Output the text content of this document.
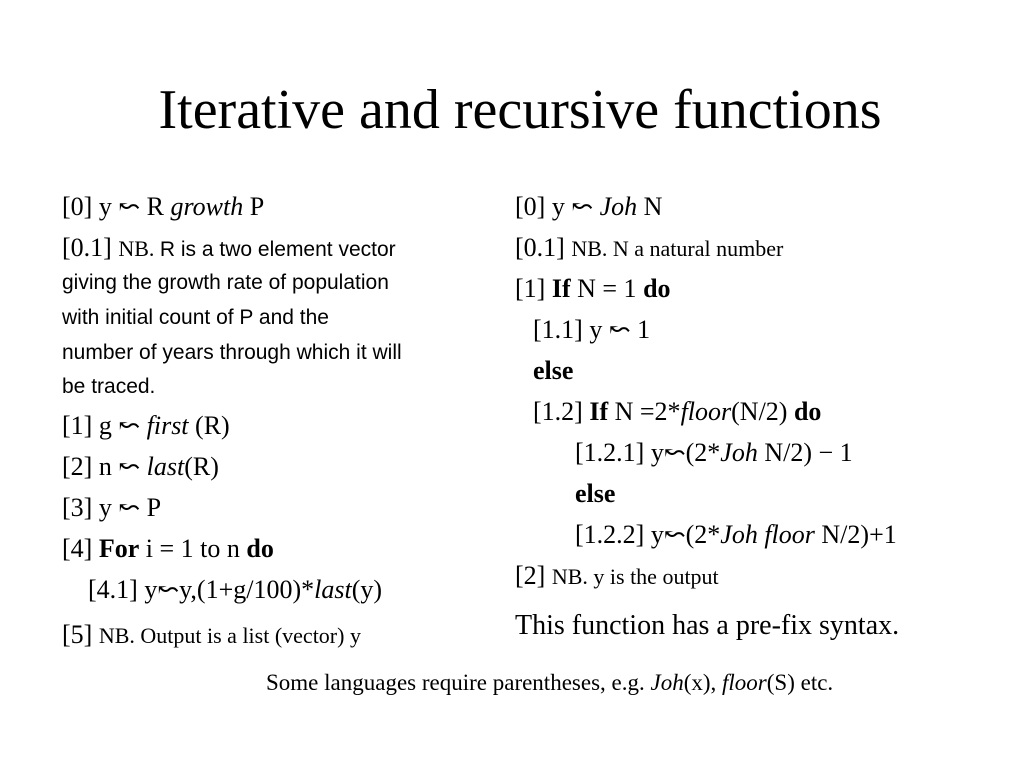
Iterative and recursive functions
[0] y ↜ R growth P
[0.1] NB. R is a two element vector
giving the growth rate of population
with initial count of P and the
number of years through which it will
be traced.
[1] g ↜ first (R)
[2] n ↜ last(R)
[3] y ↜ P
[4] For i = 1 to n do
[4.1] y↜y,(1+g/100)*last(y)
[5] NB. Output is a list (vector) y
[0] y ↜ Joh N
[0.1] NB. N a natural number
[1] If N = 1 do
[1.1] y ↜ 1
else
[1.2] If N =2*floor(N/2) do
[1.2.1] y↜(2*Joh N/2) − 1
else
[1.2.2] y↜(2*Joh floor N/2)+1
[2] NB. y is the output
This function has a pre-fix syntax.
Some languages require parentheses, e.g. Joh(x), floor(S) etc.
